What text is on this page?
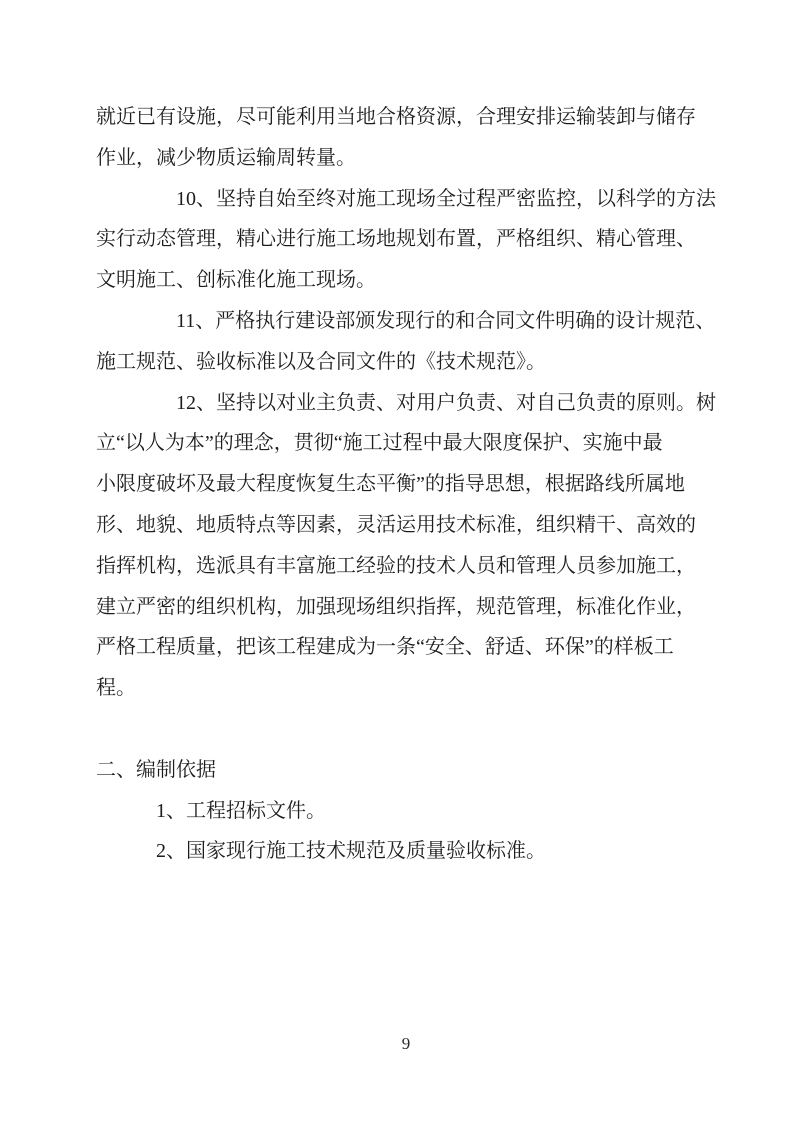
就近已有设施，尽可能利用当地合格资源，合理安排运输装卸与储存
作业，减少物质运输周转量。
10、坚持自始至终对施工现场全过程严密监控，以科学的方法
实行动态管理，精心进行施工场地规划布置，严格组织、精心管理、
文明施工、创标准化施工现场。
11、严格执行建设部颁发现行的和合同文件明确的设计规范、
施工规范、验收标准以及合同文件的《技术规范》。
12、坚持以对业主负责、对用户负责、对自己负责的原则。树
立“以人为本”的理念，贯彻“施工过程中最大限度保护、实施中最
小限度破坏及最大程度恢复生态平衡”的指导思想，根据路线所属地
形、地貌、地质特点等因素，灵活运用技术标准，组织精干、高效的
指挥机构，选派具有丰富施工经验的技术人员和管理人员参加施工，
建立严密的组织机构，加强现场组织指挥，规范管理，标准化作业，
严格工程质量，把该工程建成为一条“安全、舒适、环保”的样板工
程。
二、编制依据
1、工程招标文件。
2、国家现行施工技术规范及质量验收标准。
9
